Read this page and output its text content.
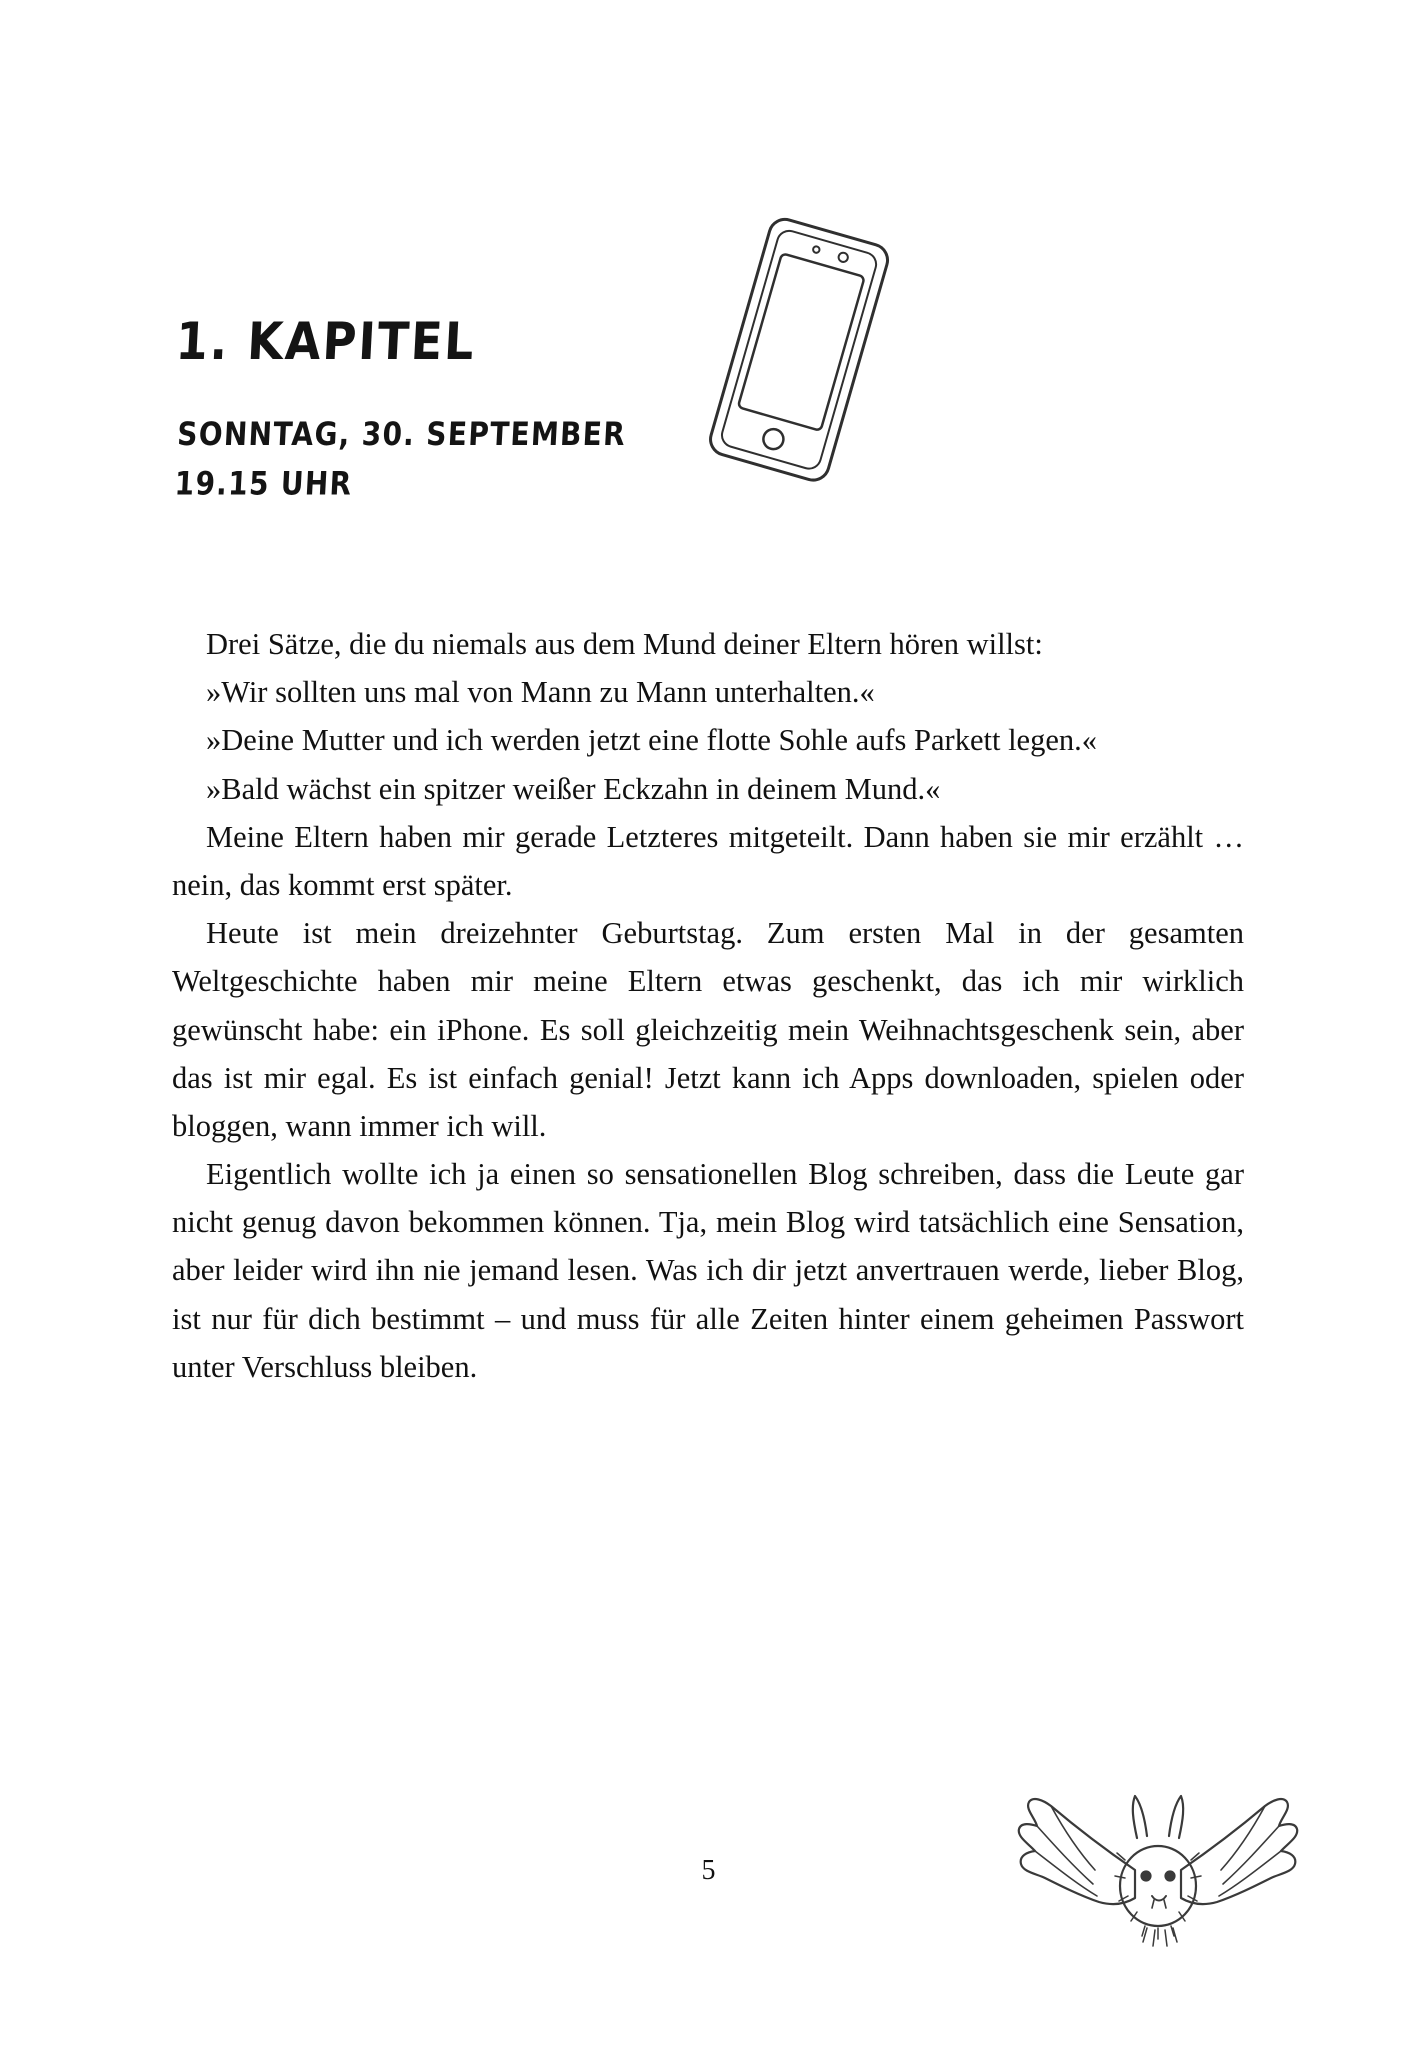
1. KAPITEL
SONNTAG, 30. SEPTEMBER
19.15 UHR

Drei Sätze, die du niemals aus dem Mund deiner Eltern hören willst:

»Wir sollten uns mal von Mann zu Mann unterhalten.«

»Deine Mutter und ich werden jetzt eine flotte Sohle aufs Parkett legen.«

»Bald wächst ein spitzer weißer Eckzahn in deinem Mund.«

Meine Eltern haben mir gerade Letzteres mitgeteilt. Dann haben sie mir erzählt … nein, das kommt erst später.

Heute ist mein dreizehnter Geburtstag. Zum ersten Mal in der gesamten Weltgeschichte haben mir meine Eltern etwas geschenkt, das ich mir wirklich gewünscht habe: ein iPhone. Es soll gleichzeitig mein Weihnachtsgeschenk sein, aber das ist mir egal. Es ist einfach genial! Jetzt kann ich Apps downloaden, spielen oder bloggen, wann immer ich will.

Eigentlich wollte ich ja einen so sensationellen Blog schreiben, dass die Leute gar nicht genug davon bekommen können. Tja, mein Blog wird tatsächlich eine Sensation, aber leider wird ihn nie jemand lesen. Was ich dir jetzt anvertrauen werde, lieber Blog, ist nur für dich bestimmt – und muss für alle Zeiten hinter einem geheimen Passwort unter Verschluss bleiben.

5
